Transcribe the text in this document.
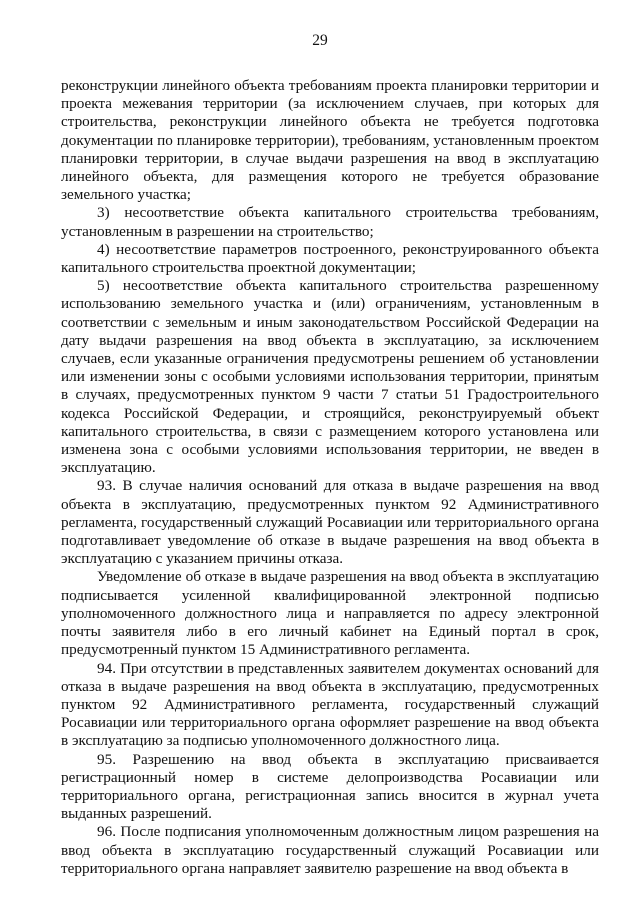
29

реконструкции линейного объекта требованиям проекта планировки территории и проекта межевания территории (за исключением случаев, при которых для строительства, реконструкции линейного объекта не требуется подготовка документации по планировке территории), требованиям, установленным проектом планировки территории, в случае выдачи разрешения на ввод в эксплуатацию линейного объекта, для размещения которого не требуется образование земельного участка;

3) несоответствие объекта капитального строительства требованиям, установленным в разрешении на строительство;

4) несоответствие параметров построенного, реконструированного объекта капитального строительства проектной документации;

5) несоответствие объекта капитального строительства разрешенному использованию земельного участка и (или) ограничениям, установленным в соответствии с земельным и иным законодательством Российской Федерации на дату выдачи разрешения на ввод объекта в эксплуатацию, за исключением случаев, если указанные ограничения предусмотрены решением об установлении или изменении зоны с особыми условиями использования территории, принятым в случаях, предусмотренных пунктом 9 части 7 статьи 51 Градостроительного кодекса Российской Федерации, и строящийся, реконструируемый объект капитального строительства, в связи с размещением которого установлена или изменена зона с особыми условиями использования территории, не введен в эксплуатацию.

93. В случае наличия оснований для отказа в выдаче разрешения на ввод объекта в эксплуатацию, предусмотренных пунктом 92 Административного регламента, государственный служащий Росавиации или территориального органа подготавливает уведомление об отказе в выдаче разрешения на ввод объекта в эксплуатацию с указанием причины отказа.

Уведомление об отказе в выдаче разрешения на ввод объекта в эксплуатацию подписывается усиленной квалифицированной электронной подписью уполномоченного должностного лица и направляется по адресу электронной почты заявителя либо в его личный кабинет на Единый портал в срок, предусмотренный пунктом 15 Административного регламента.

94. При отсутствии в представленных заявителем документах оснований для отказа в выдаче разрешения на ввод объекта в эксплуатацию, предусмотренных пунктом 92 Административного регламента, государственный служащий Росавиации или территориального органа оформляет разрешение на ввод объекта в эксплуатацию за подписью уполномоченного должностного лица.

95. Разрешению на ввод объекта в эксплуатацию присваивается регистрационный номер в системе делопроизводства Росавиации или территориального органа, регистрационная запись вносится в журнал учета выданных разрешений.

96. После подписания уполномоченным должностным лицом разрешения на ввод объекта в эксплуатацию государственный служащий Росавиации или территориального органа направляет заявителю разрешение на ввод объекта в
